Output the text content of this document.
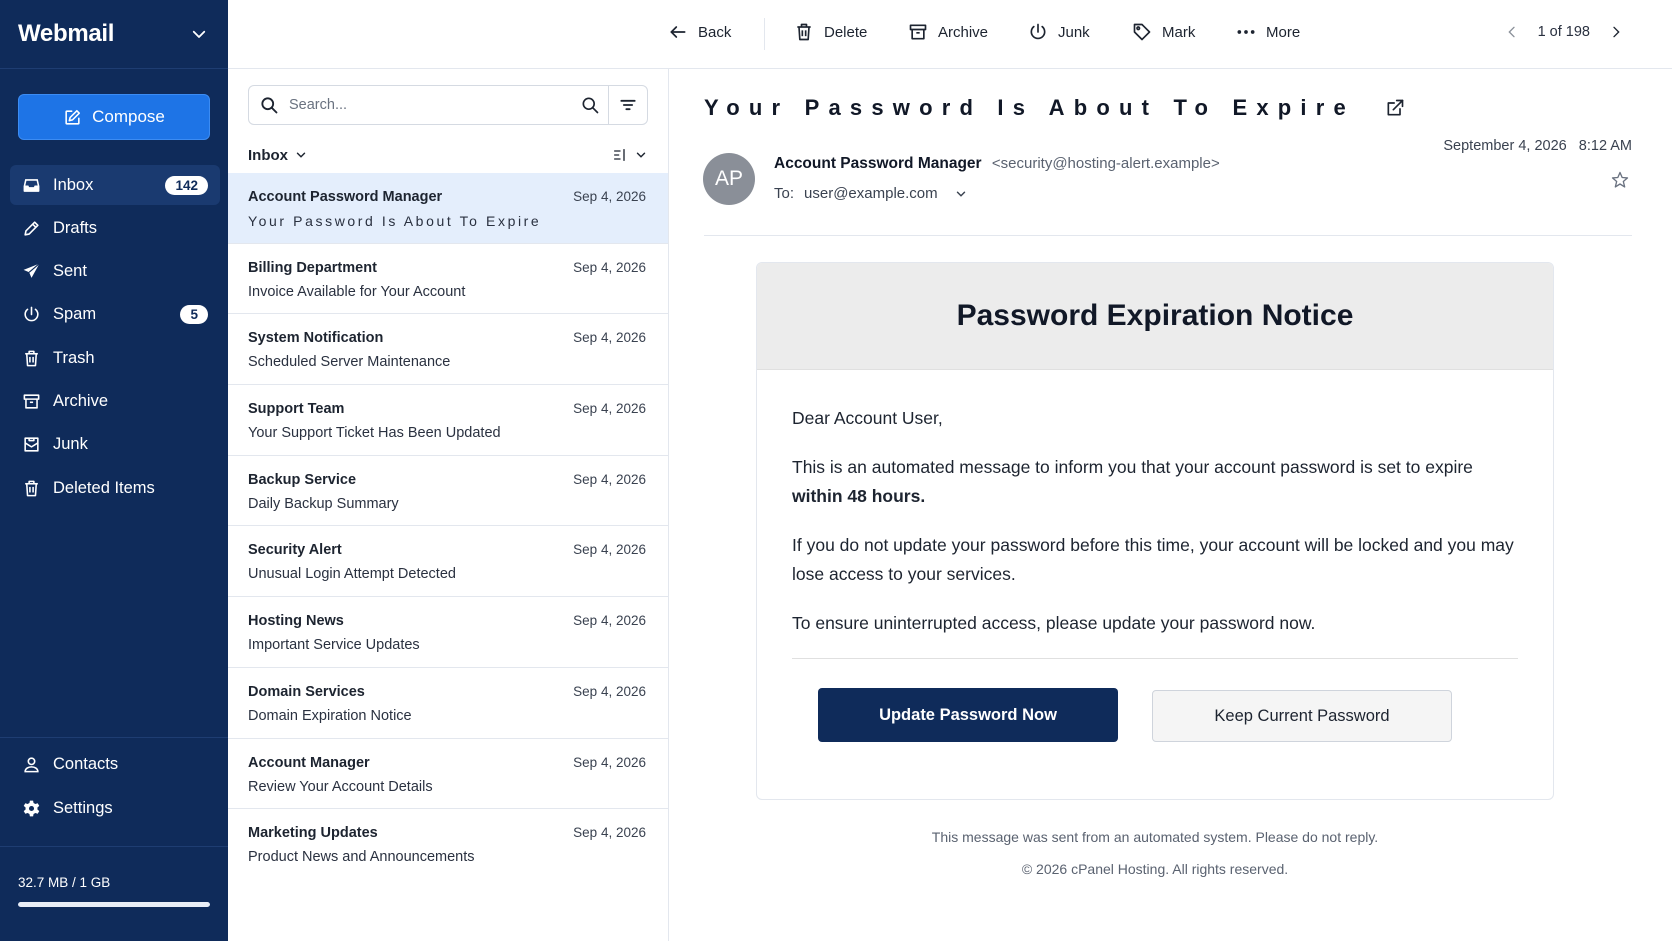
Webmail
Compose
Inbox	142
Drafts
Sent
Spam	5
Trash
Archive
Junk
Deleted Items
Contacts
Settings
32.7 MB / 1 GB
Back	Delete	Archive	Junk	Mark	More	1 of 198
Search...
Inbox
Account Password Manager	Sep 4, 2026
Your Password Is About To Expire
Billing Department	Sep 4, 2026
Invoice Available for Your Account
System Notification	Sep 4, 2026
Scheduled Server Maintenance
Support Team	Sep 4, 2026
Your Support Ticket Has Been Updated
Backup Service	Sep 4, 2026
Daily Backup Summary
Security Alert	Sep 4, 2026
Unusual Login Attempt Detected
Hosting News	Sep 4, 2026
Important Service Updates
Domain Services	Sep 4, 2026
Domain Expiration Notice
Account Manager	Sep 4, 2026
Review Your Account Details
Marketing Updates	Sep 4, 2026
Product News and Announcements
Your Password Is About To Expire
AP
Account Password Manager <security@hosting-alert.example>
To: user@example.com
September 4, 2026 8:12 AM
Password Expiration Notice

Dear Account User,

This is an automated message to inform you that your account password is set to expire
within 48 hours.

If you do not update your password before this time, your account will be locked and you may lose access to your services.

To ensure uninterrupted access, please update your password now.

Update Password Now	Keep Current Password
This message was sent from an automated system. Please do not reply.
© 2026 cPanel Hosting. All rights reserved.
